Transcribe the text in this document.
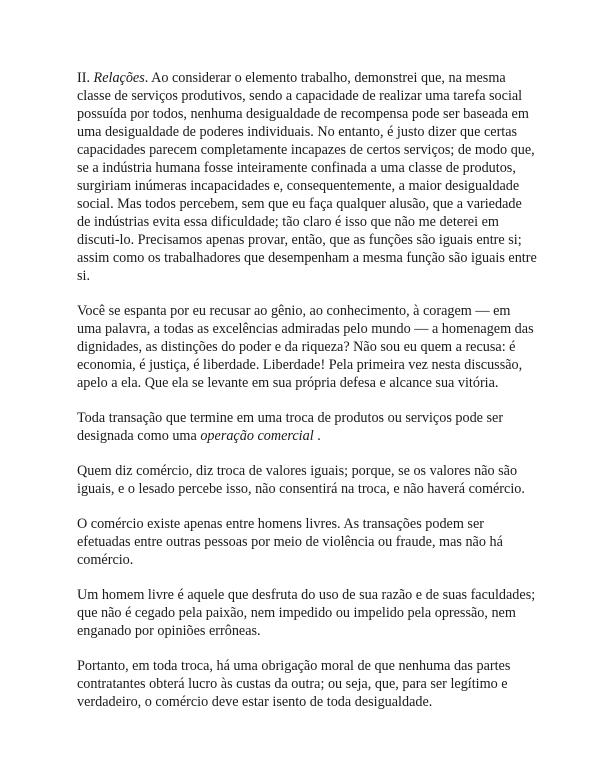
II. Relações. Ao considerar o elemento trabalho, demonstrei que, na mesma classe de serviços produtivos, sendo a capacidade de realizar uma tarefa social possuída por todos, nenhuma desigualdade de recompensa pode ser baseada em uma desigualdade de poderes individuais. No entanto, é justo dizer que certas capacidades parecem completamente incapazes de certos serviços; de modo que, se a indústria humana fosse inteiramente confinada a uma classe de produtos, surgiriam inúmeras incapacidades e, consequentemente, a maior desigualdade social. Mas todos percebem, sem que eu faça qualquer alusão, que a variedade de indústrias evita essa dificuldade; tão claro é isso que não me deterei em discuti-lo. Precisamos apenas provar, então, que as funções são iguais entre si; assim como os trabalhadores que desempenham a mesma função são iguais entre si.

Você se espanta por eu recusar ao gênio, ao conhecimento, à coragem — em uma palavra, a todas as excelências admiradas pelo mundo — a homenagem das dignidades, as distinções do poder e da riqueza? Não sou eu quem a recusa: é economia, é justiça, é liberdade. Liberdade! Pela primeira vez nesta discussão, apelo a ela. Que ela se levante em sua própria defesa e alcance sua vitória.

Toda transação que termine em uma troca de produtos ou serviços pode ser designada como uma operação comercial .

Quem diz comércio, diz troca de valores iguais; porque, se os valores não são iguais, e o lesado percebe isso, não consentirá na troca, e não haverá comércio.

O comércio existe apenas entre homens livres. As transações podem ser efetuadas entre outras pessoas por meio de violência ou fraude, mas não há comércio.

Um homem livre é aquele que desfruta do uso de sua razão e de suas faculdades; que não é cegado pela paixão, nem impedido ou impelido pela opressão, nem enganado por opiniões errôneas.

Portanto, em toda troca, há uma obrigação moral de que nenhuma das partes contratantes obterá lucro às custas da outra; ou seja, que, para ser legítimo e verdadeiro, o comércio deve estar isento de toda desigualdade.
